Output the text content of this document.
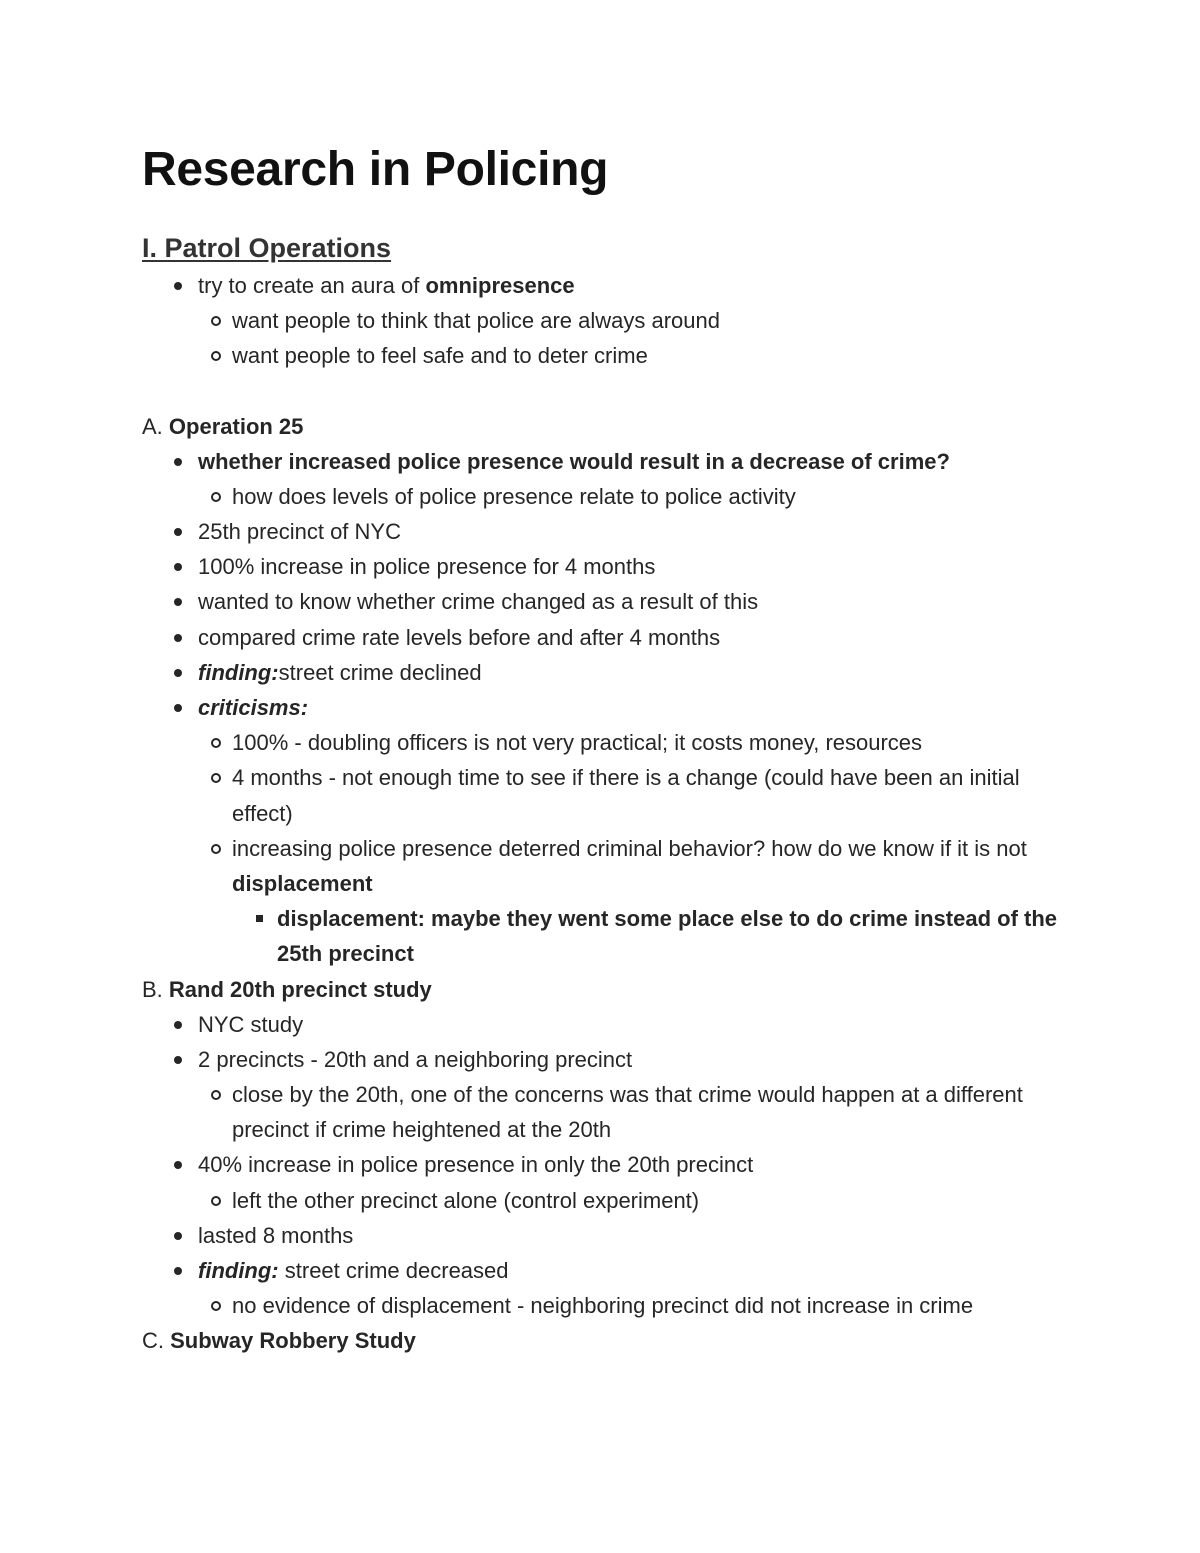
Research in Policing
I. Patrol Operations
try to create an aura of omnipresence
want people to think that police are always around
want people to feel safe and to deter crime
A. Operation 25
whether increased police presence would result in a decrease of crime?
how does levels of police presence relate to police activity
25th precinct of NYC
100% increase in police presence for 4 months
wanted to know whether crime changed as a result of this
compared crime rate levels before and after 4 months
finding:street crime declined
criticisms:
100% - doubling officers is not very practical; it costs money, resources
4 months - not enough time to see if there is a change (could have been an initial effect)
increasing police presence deterred criminal behavior? how do we know if it is not displacement
displacement: maybe they went some place else to do crime instead of the 25th precinct
B. Rand 20th precinct study
NYC study
2 precincts - 20th and a neighboring precinct
close by the 20th, one of the concerns was that crime would happen at a different precinct if crime heightened at the 20th
40% increase in police presence in only the 20th precinct
left the other precinct alone (control experiment)
lasted 8 months
finding: street crime decreased
no evidence of displacement - neighboring precinct did not increase in crime
C. Subway Robbery Study
